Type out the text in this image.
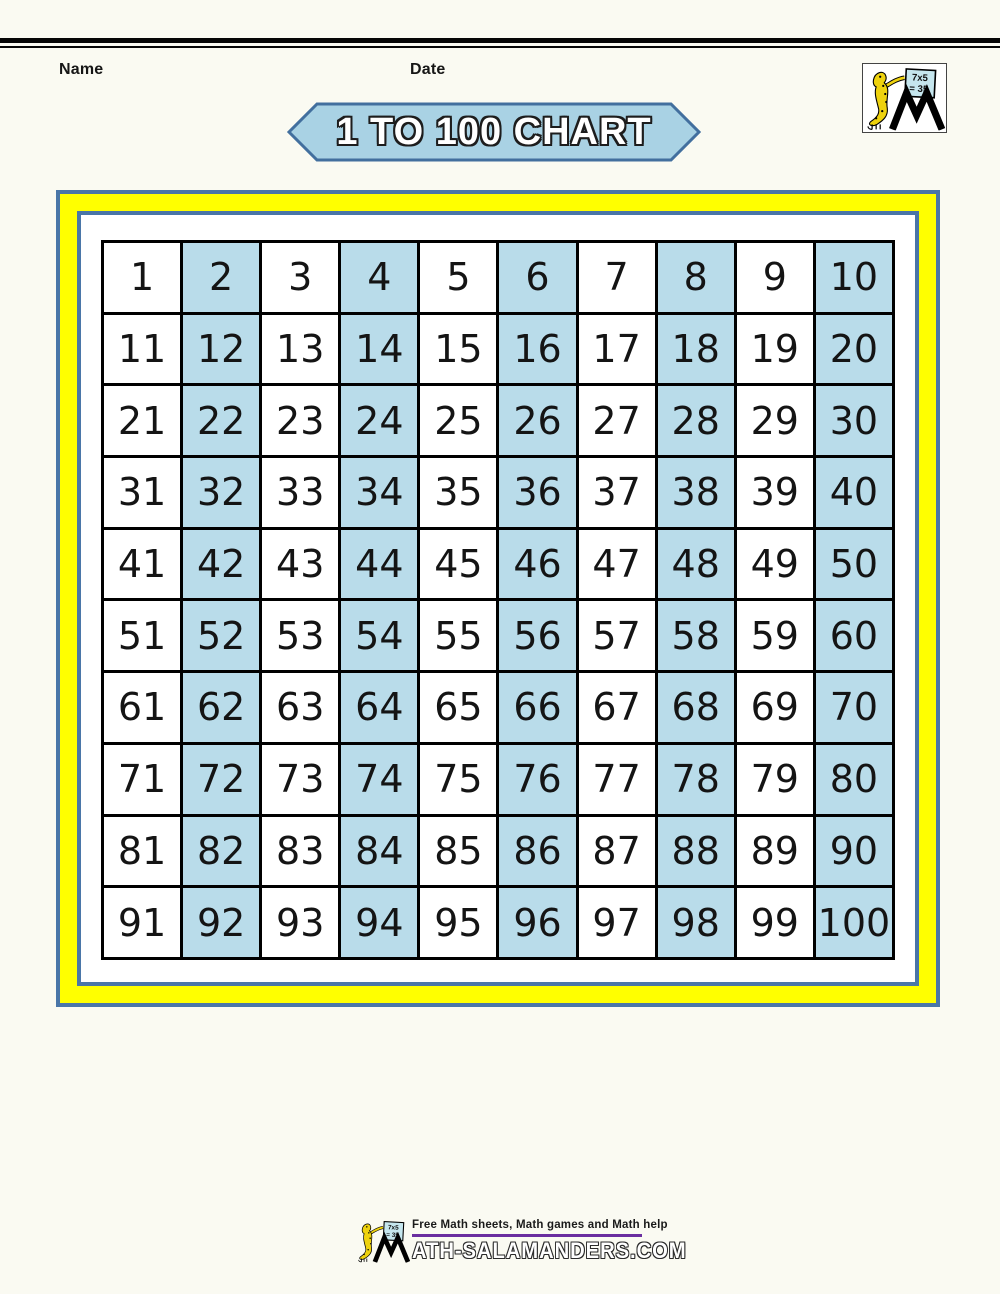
Name	Date
1 TO 100 CHART
1	2	3	4	5	6	7	8	9	10
11	12	13	14	15	16	17	18	19	20
21	22	23	24	25	26	27	28	29	30
31	32	33	34	35	36	37	38	39	40
41	42	43	44	45	46	47	48	49	50
51	52	53	54	55	56	57	58	59	60
61	62	63	64	65	66	67	68	69	70
71	72	73	74	75	76	77	78	79	80
81	82	83	84	85	86	87	88	89	90
91	92	93	94	95	96	97	98	99	100
Free Math sheets, Math games and Math help
ATH-SALAMANDERS.COM
